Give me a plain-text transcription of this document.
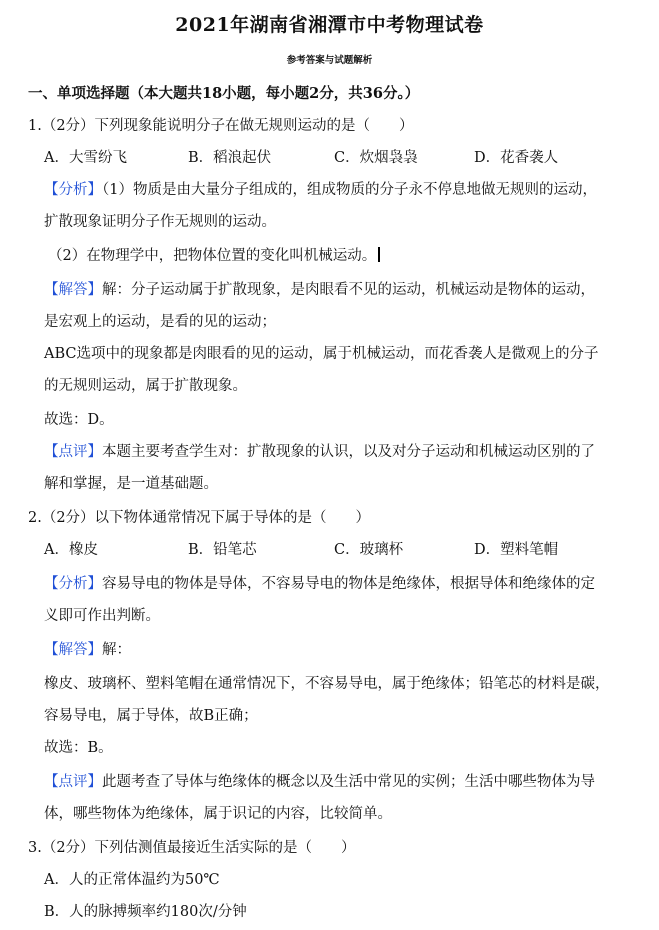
2021年湖南省湘潭市中考物理试卷
参考答案与试题解析
一、单项选择题（本大题共18小题，每小题2分，共36分。）
1.（2分）下列现象能说明分子在做无规则运动的是（　　）
A．大雪纷飞	B．稻浪起伏	C．炊烟袅袅	D．花香袭人
【分析】（1）物质是由大量分子组成的，组成物质的分子永不停息地做无规则的运动，
扩散现象证明分子作无规则的运动。
（2）在物理学中，把物体位置的变化叫机械运动。
【解答】解：分子运动属于扩散现象，是肉眼看不见的运动，机械运动是物体的运动，
是宏观上的运动，是看的见的运动；
ABC选项中的现象都是肉眼看的见的运动，属于机械运动，而花香袭人是微观上的分子
的无规则运动，属于扩散现象。
故选：D。
【点评】本题主要考查学生对：扩散现象的认识，以及对分子运动和机械运动区别的了
解和掌握，是一道基础题。
2.（2分）以下物体通常情况下属于导体的是（　　）
A．橡皮	B．铅笔芯	C．玻璃杯	D．塑料笔帽
【分析】容易导电的物体是导体，不容易导电的物体是绝缘体，根据导体和绝缘体的定
义即可作出判断。
【解答】解：
橡皮、玻璃杯、塑料笔帽在通常情况下，不容易导电，属于绝缘体；铅笔芯的材料是碳，
容易导电，属于导体，故B正确；
故选：B。
【点评】此题考查了导体与绝缘体的概念以及生活中常见的实例；生活中哪些物体为导
体，哪些物体为绝缘体，属于识记的内容，比较简单。
3.（2分）下列估测值最接近生活实际的是（　　）
A．人的正常体温约为50℃
B．人的脉搏频率约180次/分钟
